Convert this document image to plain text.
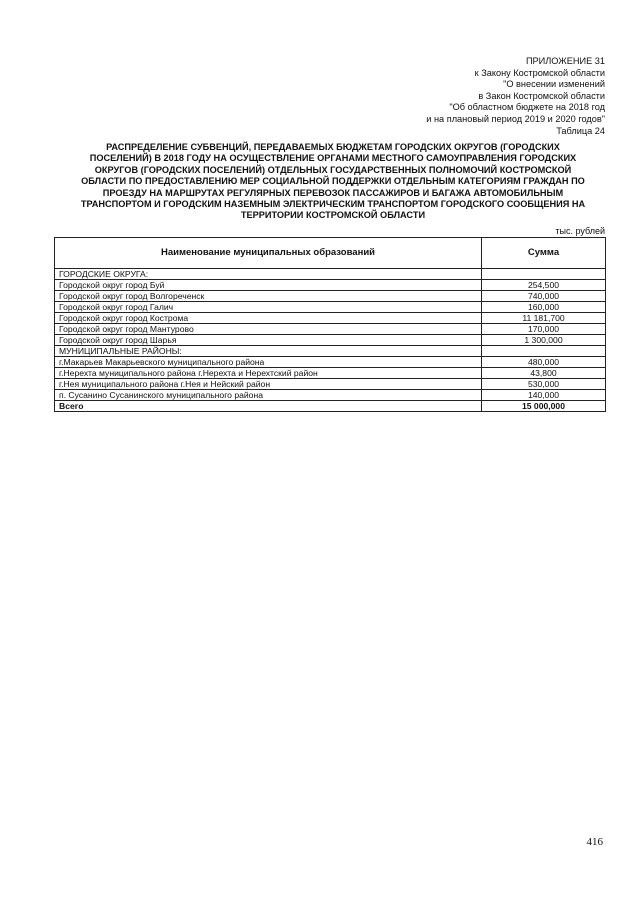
ПРИЛОЖЕНИЕ 31
к Закону Костромской области
"О внесении изменений
в Закон Костромской области
"Об областном бюджете на 2018 год
и на плановый период 2019 и 2020 годов"
Таблица 24
РАСПРЕДЕЛЕНИЕ СУБВЕНЦИЙ, ПЕРЕДАВАЕМЫХ БЮДЖЕТАМ ГОРОДСКИХ ОКРУГОВ (ГОРОДСКИХ
ПОСЕЛЕНИЙ) В 2018 ГОДУ НА ОСУЩЕСТВЛЕНИЕ ОРГАНАМИ МЕСТНОГО САМОУПРАВЛЕНИЯ ГОРОДСКИХ
ОКРУГОВ (ГОРОДСКИХ ПОСЕЛЕНИЙ) ОТДЕЛЬНЫХ ГОСУДАРСТВЕННЫХ ПОЛНОМОЧИЙ КОСТРОМСКОЙ
ОБЛАСТИ ПО ПРЕДОСТАВЛЕНИЮ МЕР СОЦИАЛЬНОЙ ПОДДЕРЖКИ ОТДЕЛЬНЫМ КАТЕГОРИЯМ ГРАЖДАН ПО
ПРОЕЗДУ НА МАРШРУТАХ РЕГУЛЯРНЫХ ПЕРЕВОЗОК ПАССАЖИРОВ И БАГАЖА АВТОМОБИЛЬНЫМ
ТРАНСПОРТОМ И ГОРОДСКИМ НАЗЕМНЫМ ЭЛЕКТРИЧЕСКИМ ТРАНСПОРТОМ ГОРОДСКОГО СООБЩЕНИЯ НА
ТЕРРИТОРИИ КОСТРОМСКОЙ ОБЛАСТИ
тыс. рублей
Наименование муниципальных образований	Сумма
ГОРОДСКИЕ ОКРУГА:	
Городской округ город Буй	254,500
Городской округ город Волгореченск	740,000
Городской округ город Галич	160,000
Городской округ город Кострома	11 181,700
Городской округ город Мантурово	170,000
Городской округ город Шарья	1 300,000
МУНИЦИПАЛЬНЫЕ РАЙОНЫ:	
г.Макарьев Макарьевского муниципального района	480,000
г.Нерехта муниципального района г.Нерехта и Нерехтский район	43,800
г.Нея муниципального района г.Нея и Нейский район	530,000
п. Сусанино Сусанинского муниципального района	140,000
Всего	15 000,000
416
